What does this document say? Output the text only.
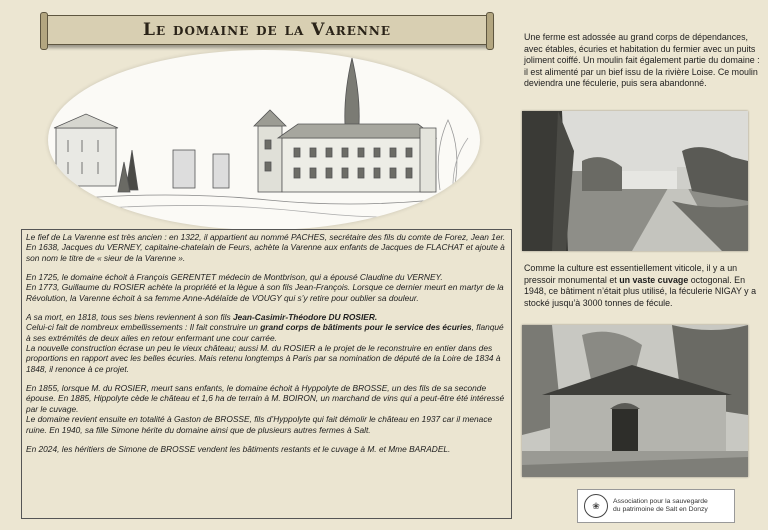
Le domaine de la Varenne

Le fief de La Varenne est très ancien : en 1322, il appartient au nommé PACHES, secrétaire des fils du comte de Forez, Jean 1er. En 1638, Jacques du VERNEY, capitaine-chatelain de Feurs, achète la Varenne aux enfants de Jacques de FLACHAT et ajoute à son nom le titre de « sieur de la Varenne ».

En 1725, le domaine échoit à François GERENTET médecin de Montbrison, qui a épousé Claudine du VERNEY.
En 1773, Guillaume du ROSIER achète la propriété et la lègue à son fils Jean-François. Lorsque ce dernier meurt en martyr de la Révolution, la Varenne échoit à sa femme Anne-Adélaïde de VOUGY qui s’y retire pour oublier sa douleur.

A sa mort, en 1818, tous ses biens reviennent à son fils Jean-Casimir-Théodore DU ROSIER.
Celui-ci fait de nombreux embellissements : Il fait construire un grand corps de bâtiments pour le service des écuries, flanqué à ses extrémités de deux ailes en retour enfermant une cour carrée.
La nouvelle construction écrase un peu le vieux château; aussi M. du ROSIER a le projet de le reconstruire en entier dans des proportions en rapport avec les belles écuries. Mais retenu longtemps à Paris par sa nomination de député de la Loire de 1834 à 1848, il renonce à ce projet.

En 1855, lorsque M. du ROSIER, meurt sans enfants, le domaine échoit à Hyppolyte de BROSSE, un des fils de sa seconde épouse. En 1885, Hippolyte cède le château et 1,6 ha de terrain à M. BOIRON, un marchand de vins qui a peut-être été intéressé par le cuvage.
Le domaine revient ensuite en totalité à Gaston de BROSSE, fils d’Hyppolyte qui fait démolir le château en 1937 car il menace ruine. En 1940, sa fille Simone hérite du domaine ainsi que de plusieurs autres fermes à Salt.

En 2024, les héritiers de Simone de BROSSE vendent les bâtiments restants et le cuvage à M. et Mme BARADEL.

Une ferme est adossée au grand corps de dépendances, avec étables, écuries et habitation du fermier avec un puits joliment coiffé. Un moulin fait également partie du domaine : il est alimenté par un bief issu de la rivière Loise. Ce moulin deviendra une féculerie, puis sera abandonné.
Comme la culture est essentiellement viticole, il y a un pressoir monumental et un vaste cuvage octogonal. En 1948, ce bâtiment n’était plus utilisé, la féculerie NIGAY y a stocké jusqu’à 3000 tonnes de fécule.
❀	Association pour la sauvegarde
du patrimoine de Salt en Donzy
